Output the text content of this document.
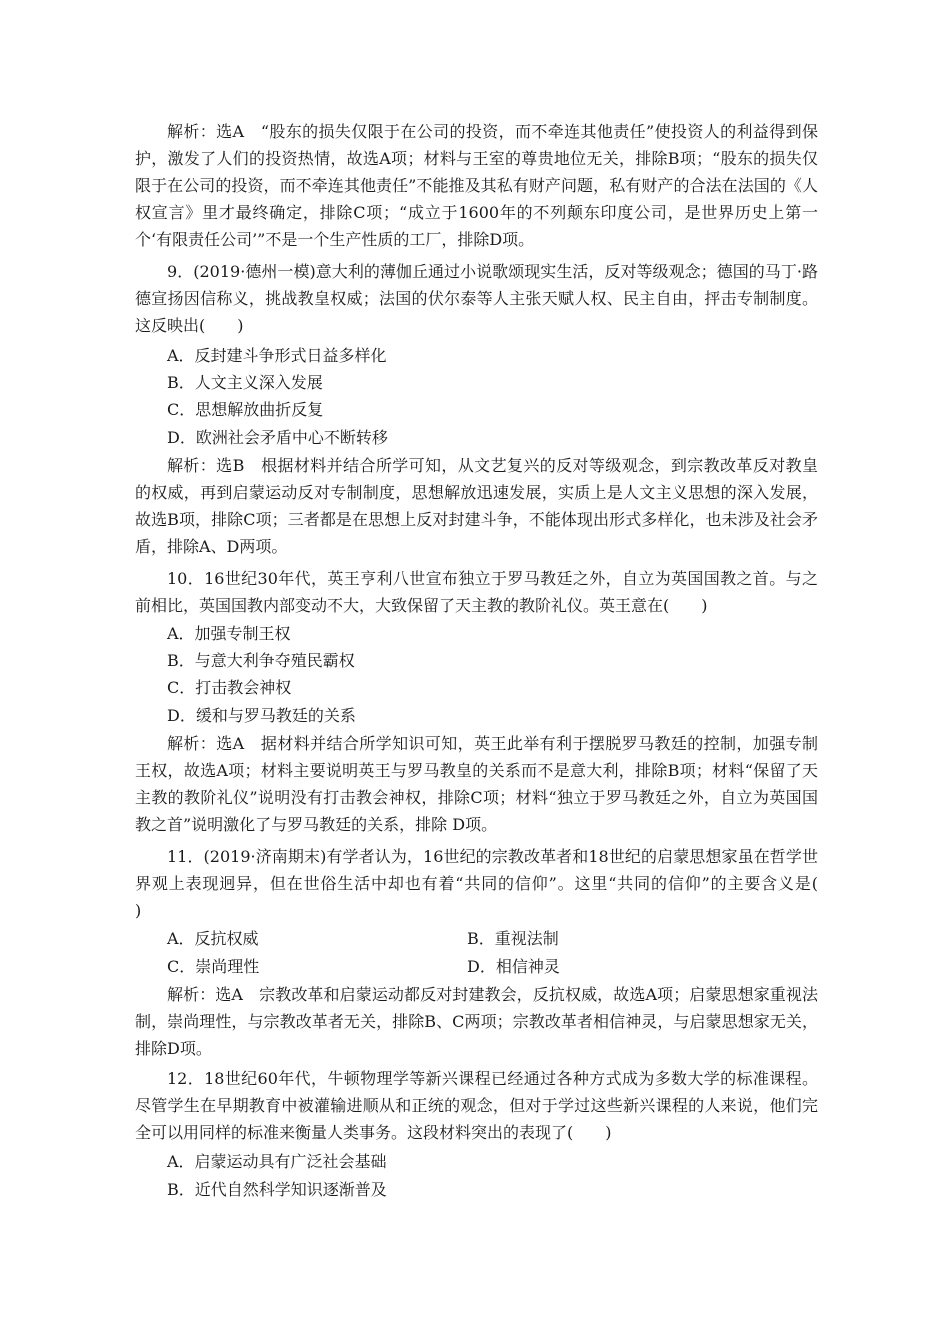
解析：选A　“股东的损失仅限于在公司的投资，而不牵连其他责任”使投资人的利益得到保护，激发了人们的投资热情，故选A项；材料与王室的尊贵地位无关，排除B项；“股东的损失仅限于在公司的投资，而不牵连其他责任”不能推及其私有财产问题，私有财产的合法在法国的《人权宣言》里才最终确定，排除C项；“成立于1600年的不列颠东印度公司，是世界历史上第一个‘有限责任公司’”不是一个生产性质的工厂，排除D项。

9．(2019·德州一模)意大利的薄伽丘通过小说歌颂现实生活，反对等级观念；德国的马丁·路德宣扬因信称义，挑战教皇权威；法国的伏尔泰等人主张天赋人权、民主自由，抨击专制制度。这反映出(　　)

A．反封建斗争形式日益多样化

B．人文主义深入发展

C．思想解放曲折反复

D．欧洲社会矛盾中心不断转移

解析：选B　根据材料并结合所学可知，从文艺复兴的反对等级观念，到宗教改革反对教皇的权威，再到启蒙运动反对专制制度，思想解放迅速发展，实质上是人文主义思想的深入发展，故选B项，排除C项；三者都是在思想上反对封建斗争，不能体现出形式多样化，也未涉及社会矛盾，排除A、D两项。

10．16世纪30年代，英王亨利八世宣布独立于罗马教廷之外，自立为英国国教之首。与之前相比，英国国教内部变动不大，大致保留了天主教的教阶礼仪。英王意在(　　)

A．加强专制王权

B．与意大利争夺殖民霸权

C．打击教会神权

D．缓和与罗马教廷的关系

解析：选A　据材料并结合所学知识可知，英王此举有利于摆脱罗马教廷的控制，加强专制王权，故选A项；材料主要说明英王与罗马教皇的关系而不是意大利，排除B项；材料“保留了天主教的教阶礼仪”说明没有打击教会神权，排除C项；材料“独立于罗马教廷之外，自立为英国国教之首”说明激化了与罗马教廷的关系，排除 D项。

11．(2019·济南期末)有学者认为，16世纪的宗教改革者和18世纪的启蒙思想家虽在哲学世界观上表现迥异，但在世俗生活中却也有着“共同的信仰”。这里“共同的信仰”的主要含义是(　　)

A．反抗权威	B．重视法制

C．崇尚理性	D．相信神灵

解析：选A　宗教改革和启蒙运动都反对封建教会，反抗权威，故选A项；启蒙思想家重视法制，崇尚理性，与宗教改革者无关，排除B、C两项；宗教改革者相信神灵，与启蒙思想家无关，排除D项。

12．18世纪60年代，牛顿物理学等新兴课程已经通过各种方式成为多数大学的标准课程。尽管学生在早期教育中被灌输进顺从和正统的观念，但对于学过这些新兴课程的人来说，他们完全可以用同样的标准来衡量人类事务。这段材料突出的表现了(　　)

A．启蒙运动具有广泛社会基础

B．近代自然科学知识逐渐普及
